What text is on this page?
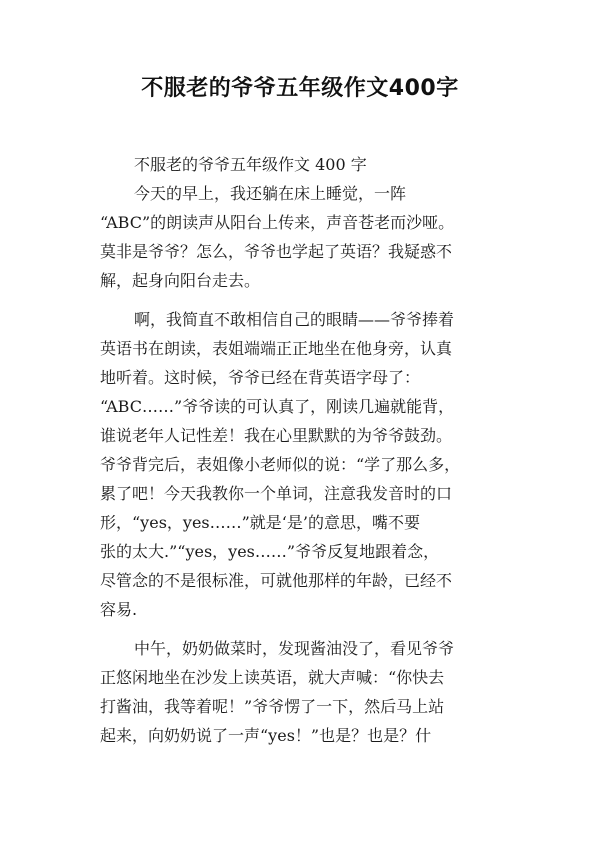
不服老的爷爷五年级作文400字

不服老的爷爷五年级作文 400 字

今天的早上，我还躺在床上睡觉，一阵
“ABC”的朗读声从阳台上传来，声音苍老而沙哑。
莫非是爷爷？怎么，爷爷也学起了英语？我疑惑不
解，起身向阳台走去。

啊，我简直不敢相信自己的眼睛——爷爷捧着
英语书在朗读，表姐端端正正地坐在他身旁，认真
地听着。这时候，爷爷已经在背英语字母了：
“ABC……”爷爷读的可认真了，刚读几遍就能背，
谁说老年人记性差！我在心里默默的为爷爷鼓劲。
爷爷背完后，表姐像小老师似的说：“学了那么多，
累了吧！今天我教你一个单词，注意我发音时的口
形，“yes，yes……”就是‘是’的意思，嘴不要
张的太大.”“yes，yes……”爷爷反复地跟着念，
尽管念的不是很标准，可就他那样的年龄，已经不
容易.

中午，奶奶做菜时，发现酱油没了，看见爷爷
正悠闲地坐在沙发上读英语，就大声喊：“你快去
打酱油，我等着呢！”爷爷愣了一下，然后马上站
起来，向奶奶说了一声“yes！”也是？也是？什
